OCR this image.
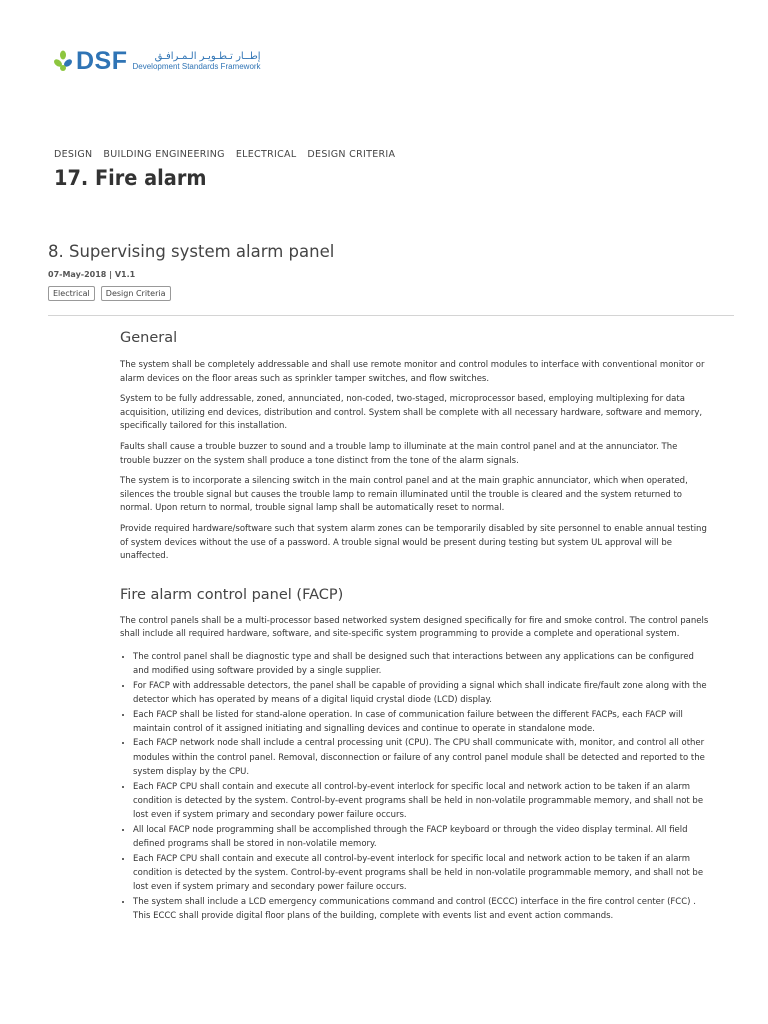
DSF	إطــار تـطـويـر الـمـرافـق
Development Standards Framework
DESIGN BUILDING ENGINEERING ELECTRICAL DESIGN CRITERIA
17. Fire alarm
8. Supervising system alarm panel
07-May-2018 | V1.1
Electrical	Design Criteria
General

The system shall be completely addressable and shall use remote monitor and control modules to interface with conventional monitor or alarm devices on the floor areas such as sprinkler tamper switches, and flow switches.

System to be fully addressable, zoned, annunciated, non-coded, two-staged, microprocessor based, employing multiplexing for data acquisition, utilizing end devices, distribution and control. System shall be complete with all necessary hardware, software and memory, specifically tailored for this installation.

Faults shall cause a trouble buzzer to sound and a trouble lamp to illuminate at the main control panel and at the annunciator. The trouble buzzer on the system shall produce a tone distinct from the tone of the alarm signals.

The system is to incorporate a silencing switch in the main control panel and at the main graphic annunciator, which when operated, silences the trouble signal but causes the trouble lamp to remain illuminated until the trouble is cleared and the system returned to normal. Upon return to normal, trouble signal lamp shall be automatically reset to normal.

Provide required hardware/software such that system alarm zones can be temporarily disabled by site personnel to enable annual testing of system devices without the use of a password. A trouble signal would be present during testing but system UL approval will be unaffected.

Fire alarm control panel (FACP)

The control panels shall be a multi-processor based networked system designed specifically for fire and smoke control. The control panels shall include all required hardware, software, and site-specific system programming to provide a complete and operational system.

• The control panel shall be diagnostic type and shall be designed such that interactions between any applications can be configured and modified using software provided by a single supplier.
• For FACP with addressable detectors, the panel shall be capable of providing a signal which shall indicate fire/fault zone along with the detector which has operated by means of a digital liquid crystal diode (LCD) display.
• Each FACP shall be listed for stand-alone operation. In case of communication failure between the different FACPs, each FACP will maintain control of it assigned initiating and signalling devices and continue to operate in standalone mode.
• Each FACP network node shall include a central processing unit (CPU). The CPU shall communicate with, monitor, and control all other modules within the control panel. Removal, disconnection or failure of any control panel module shall be detected and reported to the system display by the CPU.
• Each FACP CPU shall contain and execute all control-by-event interlock for specific local and network action to be taken if an alarm condition is detected by the system. Control-by-event programs shall be held in non-volatile programmable memory, and shall not be lost even if system primary and secondary power failure occurs.
• All local FACP node programming shall be accomplished through the FACP keyboard or through the video display terminal. All field defined programs shall be stored in non-volatile memory.
• Each FACP CPU shall contain and execute all control-by-event interlock for specific local and network action to be taken if an alarm condition is detected by the system. Control-by-event programs shall be held in non-volatile programmable memory, and shall not be lost even if system primary and secondary power failure occurs.
• The system shall include a LCD emergency communications command and control (ECCC) interface in the fire control center (FCC) . This ECCC shall provide digital floor plans of the building, complete with events list and event action commands.
